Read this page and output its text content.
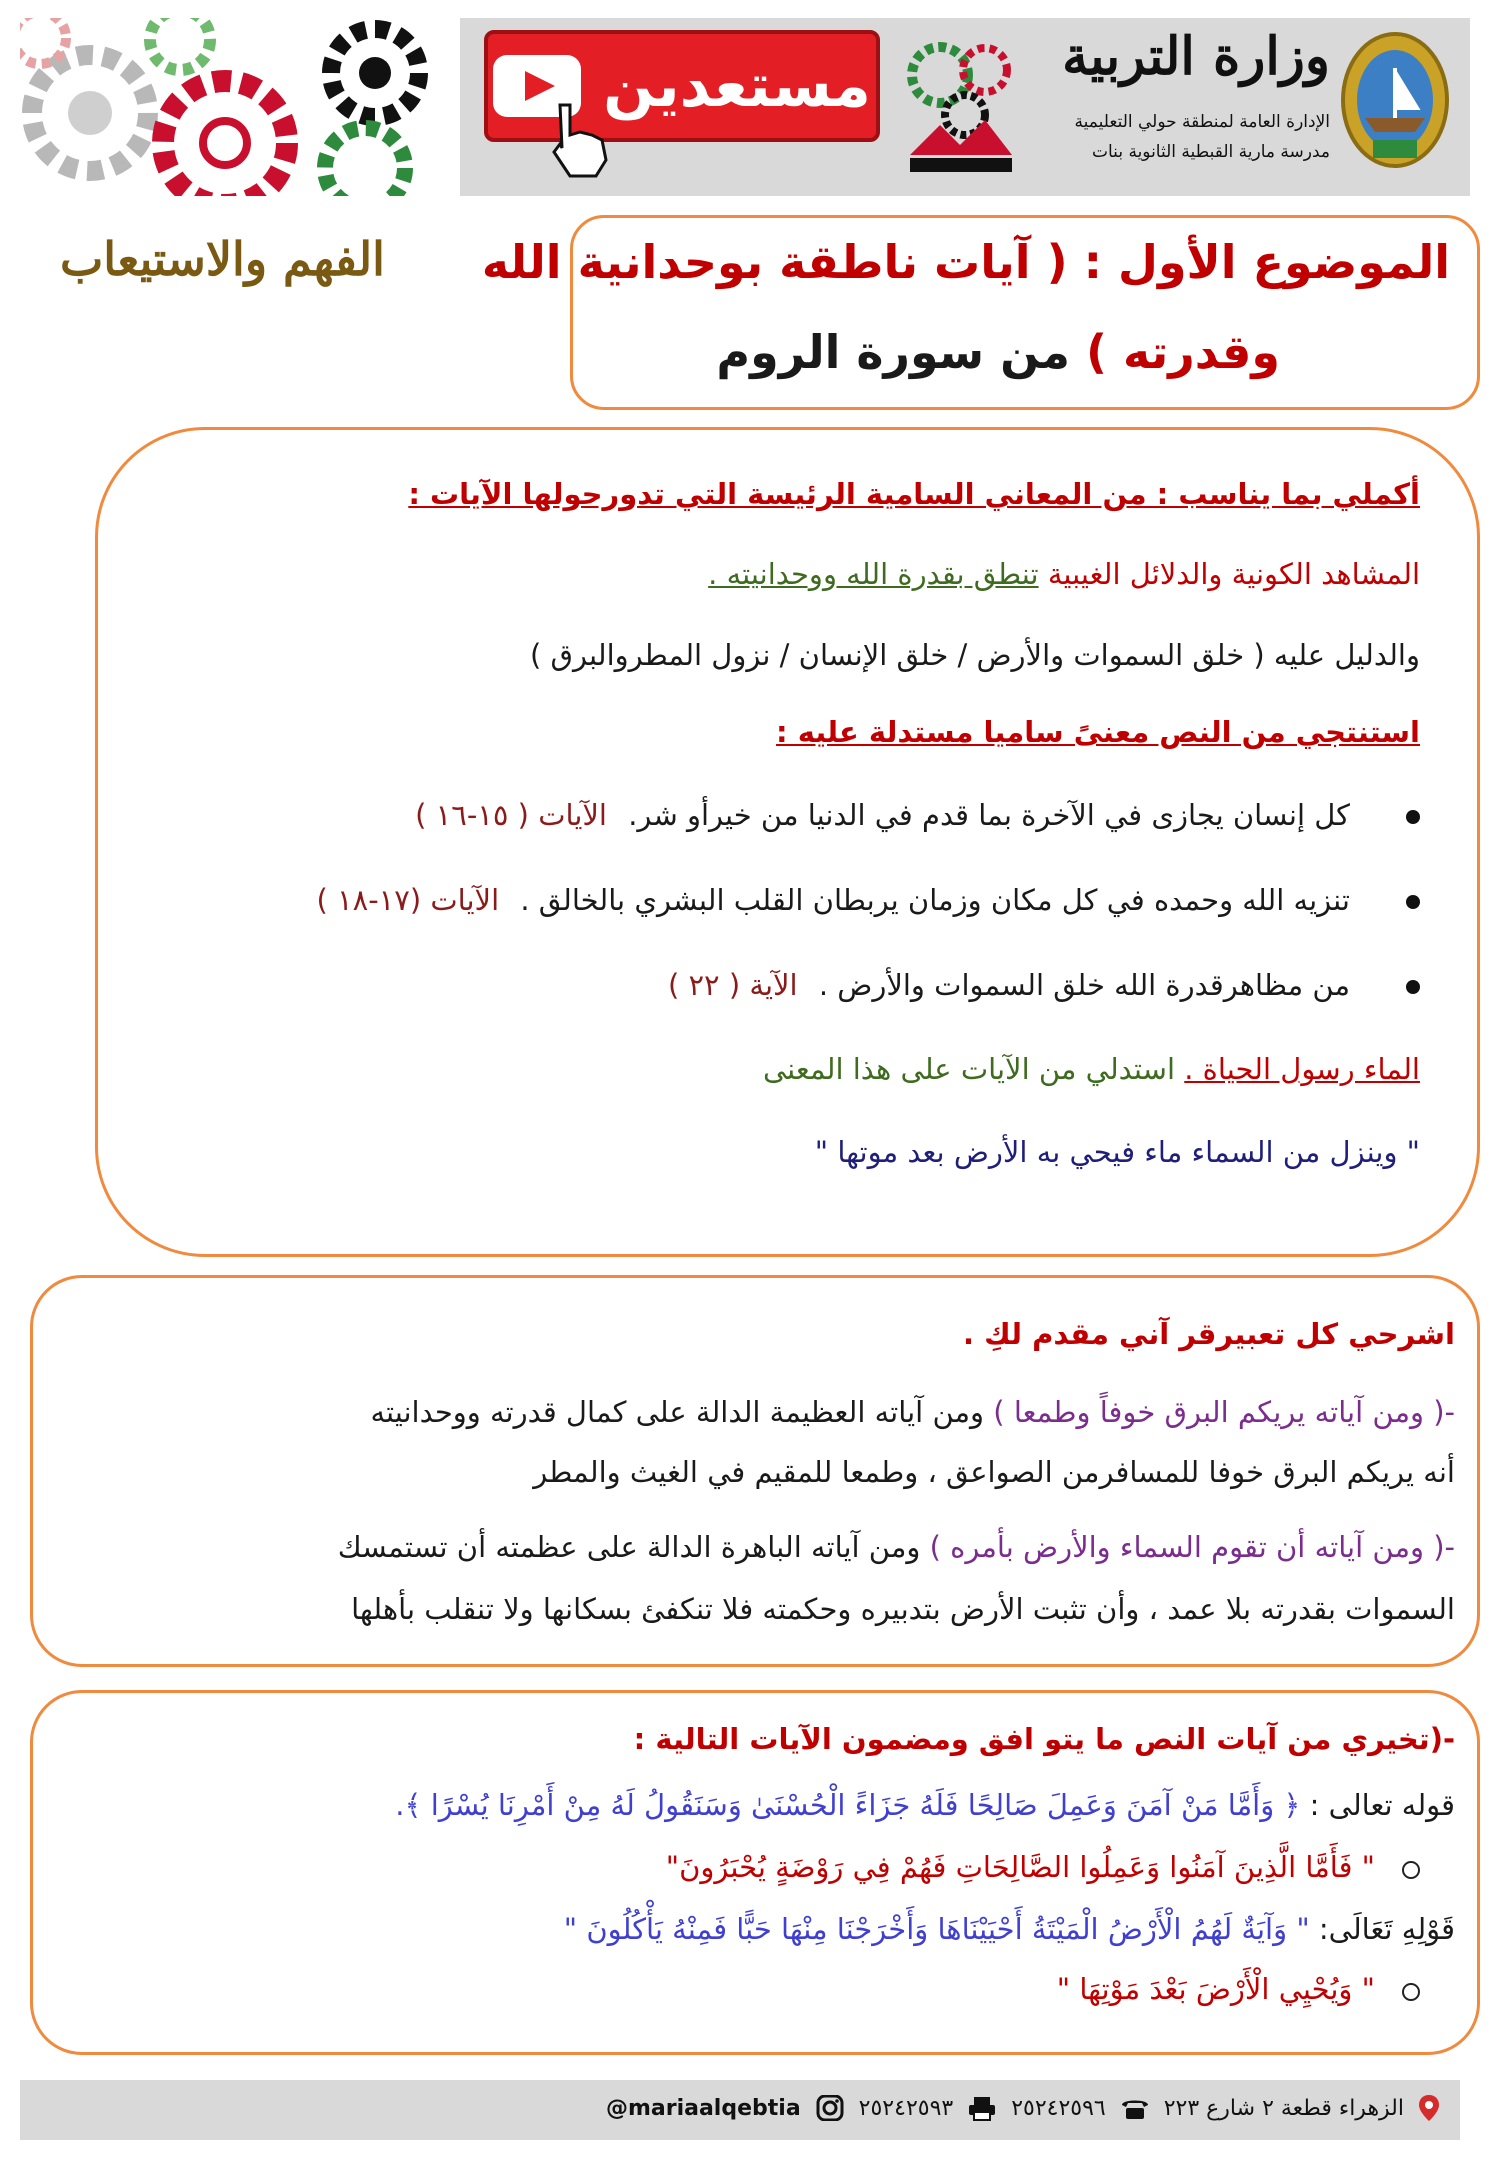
مستعدين	وزارة التربية
الإدارة العامة لمنطقة حولي التعليمية
مدرسة مارية القبطية الثانوية بنات
الموضوع الأول : ( آيات ناطقة بوحدانية الله
وقدرته ) من سورة الروم
الفهم والاستيعاب
أكملي بما يناسب : من المعاني السامية الرئيسة التي تدورحولها الآيات :
المشاهد الكونية والدلائل الغيبية تنطق بقدرة الله ووحدانيته .
والدليل عليه ( خلق السموات والأرض / خلق الإنسان / نزول المطروالبرق )
استنتجي من النص معنىً ساميا مستدلة عليه :
كل إنسان يجازى في الآخرة بما قدم في الدنيا من خيرأو شر. الآيات ( ١٥-١٦ )
تنزيه الله وحمده في كل مكان وزمان يربطان القلب البشري بالخالق . الآيات (١٧-١٨ )
من مظاهرقدرة الله خلق السموات والأرض . الآية ( ٢٢ )
الماء رسول الحياة . استدلي من الآيات على هذا المعنى
" وينزل من السماء ماء فيحي به الأرض بعد موتها "
اشرحي كل تعبيرقر آني مقدم لكِ .
-( ومن آياته يريكم البرق خوفاً وطمعا ) ومن آياته العظيمة الدالة على كمال قدرته ووحدانيته
أنه يريكم البرق خوفا للمسافرمن الصواعق ، وطمعا للمقيم في الغيث والمطر
-( ومن آياته أن تقوم السماء والأرض بأمره ) ومن آياته الباهرة الدالة على عظمته أن تستمسك
السموات بقدرته بلا عمد ، وأن تثبت الأرض بتدبيره وحكمته فلا تنكفئ بسكانها ولا تنقلب بأهلها
-(تخيري من آيات النص ما يتو افق ومضمون الآيات التالية :
قوله تعالى : ﴿ وَأَمَّا مَنْ آمَنَ وَعَمِلَ صَالِحًا فَلَهُ جَزَاءً الْحُسْنَىٰ وَسَنَقُولُ لَهُ مِنْ أَمْرِنَا يُسْرًا ﴾.
" فَأَمَّا الَّذِينَ آمَنُوا وَعَمِلُوا الصَّالِحَاتِ فَهُمْ فِي رَوْضَةٍ يُحْبَرُونَ"
قَوْلِهِ تَعَالَى: " وَآيَةٌ لَهُمُ الْأَرْضُ الْمَيْتَةُ أَحْيَيْنَاهَا وَأَخْرَجْنَا مِنْهَا حَبًّا فَمِنْهُ يَأْكُلُونَ "
" وَيُحْيِي الْأَرْضَ بَعْدَ مَوْتِهَا "
الزهراء قطعة ٢ شارع ٢٢٣
٢٥٢٤٢٥٩٦
٢٥٢٤٢٥٩٣
@mariaalqebtia
